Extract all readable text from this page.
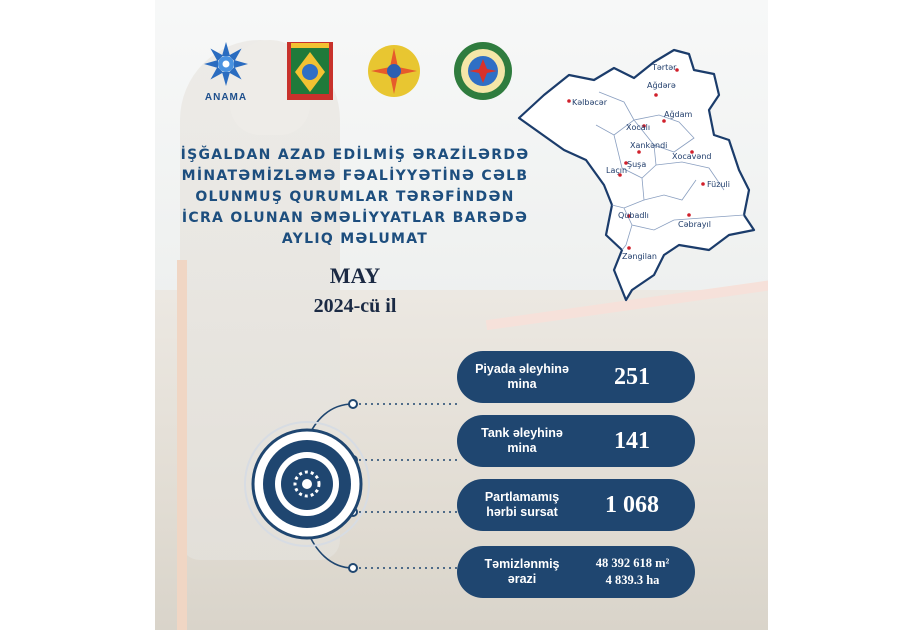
ANAMA
İŞĞALDAN AZAD EDİLMİŞ ƏRAZİLƏRDƏ
MİNATƏMİZLƏMƏ FƏALİYYƏTİNƏ CƏLB
OLUNMUŞ QURUMLAR TƏRƏFİNDƏN
İCRA OLUNAN ƏMƏLİYYATLAR BARƏDƏ
AYLIQ MƏLUMAT
MAY
2024-cü il
Tərtər
Ağdərə
Kəlbəcər
Ağdam
Xocalı
Xankəndi
Xocavənd
Laçın
Şuşa
Füzuli
Qubadlı
Cəbrayıl
Zəngilan
Piyada əleyhinə
mina	251
Tank əleyhinə
mina	141
Partlamamış
hərbi sursat	1 068
Təmizlənmiş
ərazi
48 392 618 m²
4 839.3 ha
